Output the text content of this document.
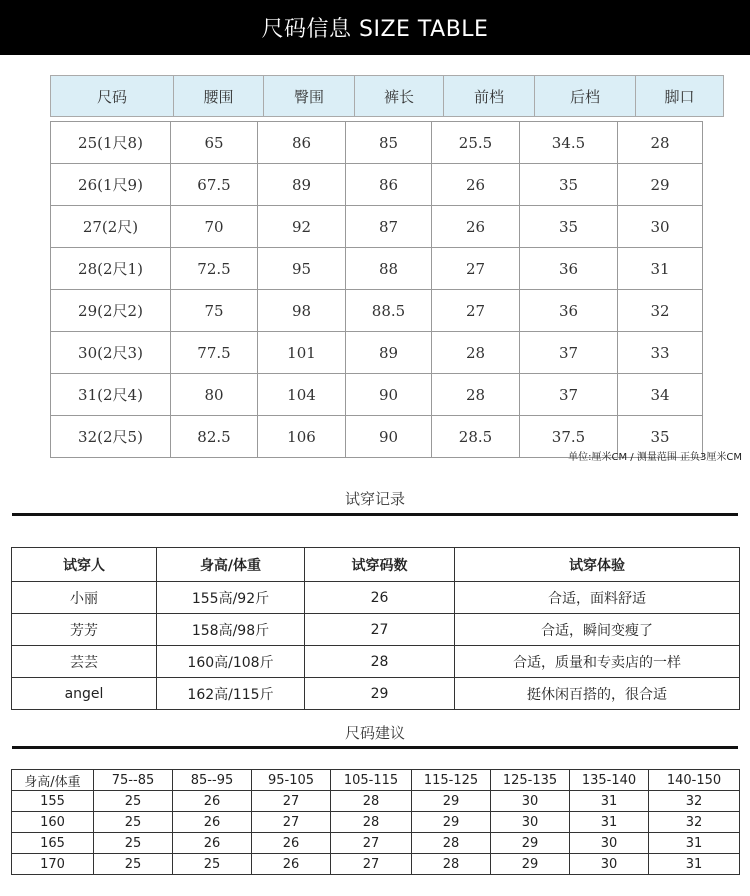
尺码信息 SIZE TABLE
尺码	腰围	臀围	裤长	前档	后档	脚口
25(1尺8)	65	86	85	25.5	34.5	28
26(1尺9)	67.5	89	86	26	35	29
27(2尺)	70	92	87	26	35	30
28(2尺1)	72.5	95	88	27	36	31
29(2尺2)	75	98	88.5	27	36	32
30(2尺3)	77.5	101	89	28	37	33
31(2尺4)	80	104	90	28	37	34
32(2尺5)	82.5	106	90	28.5	37.5	35
单位:厘米CM / 测量范围 正负3厘米CM
试穿记录
试穿人	身高/体重	试穿码数	试穿体验
小丽	155高/92斤	26	合适，面料舒适
芳芳	158高/98斤	27	合适，瞬间变瘦了
芸芸	160高/108斤	28	合适，质量和专卖店的一样
angel	162高/115斤	29	挺休闲百搭的，很合适
尺码建议
身高/体重	75--85	85--95	95-105	105-115	115-125	125-135	135-140	140-150
155	25	26	27	28	29	30	31	32
160	25	26	27	28	29	30	31	32
165	25	26	26	27	28	29	30	31
170	25	25	26	27	28	29	30	31
